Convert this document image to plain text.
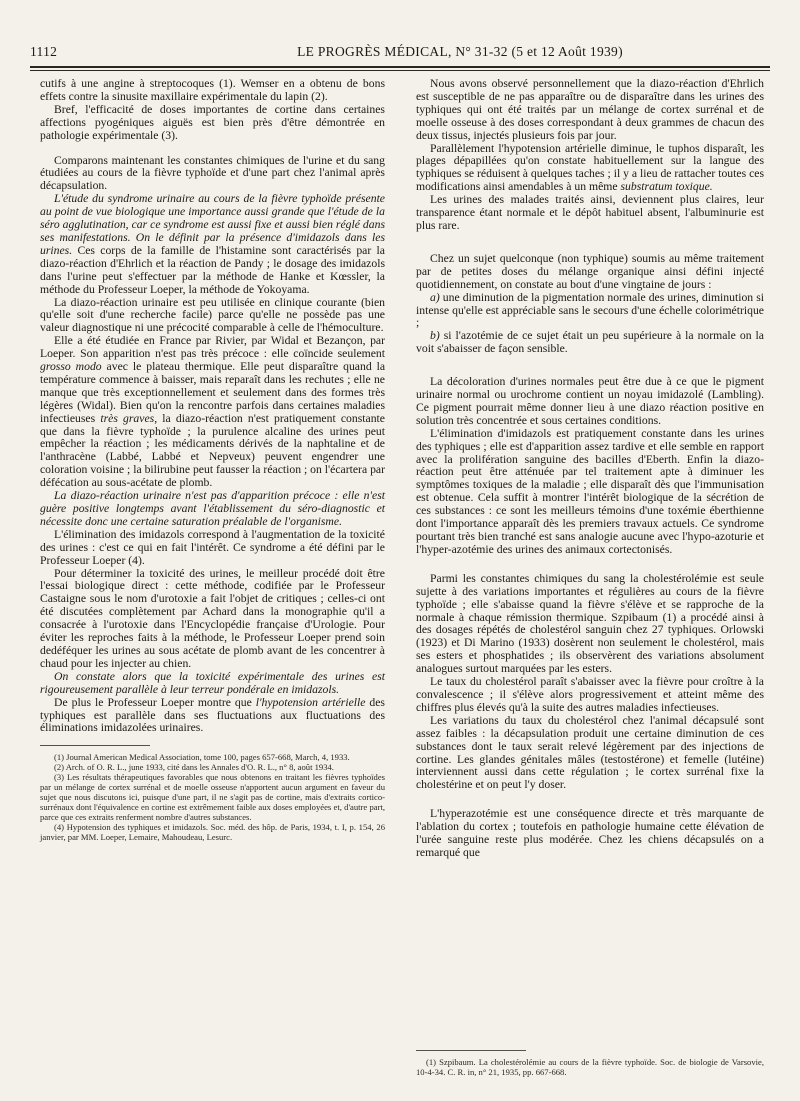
1112	LE PROGRÈS MÉDICAL, N° 31-32 (5 et 12 Août 1939)

cutifs à une angine à streptocoques (1). Wemser en a obtenu de bons effets contre la sinusite maxillaire expérimentale du lapin (2).

Bref, l'efficacité de doses importantes de cortine dans certaines affections pyogéniques aiguës est bien près d'être démontrée en pathologie expérimentale (3).

Comparons maintenant les constantes chimiques de l'urine et du sang étudiées au cours de la fièvre typhoïde et d'une part chez l'animal après décapsulation.

L'étude du syndrome urinaire au cours de la fièvre typhoïde présente au point de vue biologique une importance aussi grande que l'étude de la séro agglutination, car ce syndrome est aussi fixe et aussi bien réglé dans ses manifestations. On le définit par la présence d'imidazols dans les urines. Ces corps de la famille de l'histamine sont caractérisés par la diazo-réaction d'Ehrlich et la réaction de Pandy ; le dosage des imidazols dans l'urine peut s'effectuer par la méthode de Hanke et Kœssler, la méthode du Professeur Loeper, la méthode de Yokoyama.

La diazo-réaction urinaire est peu utilisée en clinique courante (bien qu'elle soit d'une recherche facile) parce qu'elle ne possède pas une valeur diagnostique ni une précocité comparable à celle de l'hémoculture.

Elle a été étudiée en France par Rivier, par Widal et Bezançon, par Loeper. Son apparition n'est pas très précoce : elle coïncide seulement grosso modo avec le plateau thermique. Elle peut disparaître quand la température commence à baisser, mais reparaît dans les rechutes ; elle ne manque que très exceptionnellement et seulement dans des formes très légères (Widal). Bien qu'on la rencontre parfois dans certaines maladies infectieuses très graves, la diazo-réaction n'est pratiquement constante que dans la fièvre typhoïde ; la purulence alcaline des urines peut empêcher la réaction ; les médicaments dérivés de la naphtaline et de l'anthracène (Labbé, Labbé et Nepveux) peuvent engendrer une coloration voisine ; la bilirubine peut fausser la réaction ; on l'écartera par défécation au sous-acétate de plomb.

La diazo-réaction urinaire n'est pas d'apparition précoce : elle n'est guère positive longtemps avant l'établissement du séro-diagnostic et nécessite donc une certaine saturation préalable de l'organisme.

L'élimination des imidazols correspond à l'augmentation de la toxicité des urines : c'est ce qui en fait l'intérêt. Ce syndrome a été défini par le Professeur Loeper (4).

Pour déterminer la toxicité des urines, le meilleur procédé doit être l'essai biologique direct : cette méthode, codifiée par le Professeur Castaigne sous le nom d'urotoxie a fait l'objet de critiques ; celles-ci ont été discutées complètement par Achard dans la monographie qu'il a consacrée à l'urotoxie dans l'Encyclopédie française d'Urologie. Pour éviter les reproches faits à la méthode, le Professeur Loeper prend soin dedéféquer les urines au sous acétate de plomb avant de les concentrer à chaud pour les injecter au chien.

On constate alors que la toxicité expérimentale des urines est rigoureusement parallèle à leur terreur pondérale en imidazols.

De plus le Professeur Loeper montre que l'hypotension artérielle des typhiques est parallèle dans ses fluctuations aux fluctuations des éliminations imidazolées urinaires.

(1) Journal American Medical Association, tome 100, pages 657-668, March, 4, 1933.

(2) Arch. of O. R. L., june 1933, cité dans les Annales d'O. R. L., n° 8, août 1934.

(3) Les résultats thérapeutiques favorables que nous obtenons en traitant les fièvres typhoïdes par un mélange de cortex surrénal et de moelle osseuse n'apportent aucun argument en faveur du sujet que nous discutons ici, puisque d'une part, il ne s'agit pas de cortine, mais d'extraits cortico-surrénaux dont l'équivalence en cortine est extrêmement faible aux doses employées et, d'autre part, parce que ces extraits renferment nombre d'autres substances.

(4) Hypotension des typhiques et imidazols. Soc. méd. des hôp. de Paris, 1934, t. I, p. 154, 26 janvier, par MM. Loeper, Lemaire, Mahoudeau, Lesurc.

Nous avons observé personnellement que la diazo-réaction d'Ehrlich est susceptible de ne pas apparaître ou de disparaître dans les urines des typhiques qui ont été traités par un mélange de cortex surrénal et de moelle osseuse à des doses correspondant à deux grammes de chacun des deux tissus, injectés plusieurs fois par jour.

Parallèlement l'hypotension artérielle diminue, le tuphos disparaît, les plages dépapillées qu'on constate habituellement sur la langue des typhiques se réduisent à quelques taches ; il y a lieu de rattacher toutes ces modifications ainsi amendables à un même substratum toxique.

Les urines des malades traités ainsi, deviennent plus claires, leur transparence étant normale et le dépôt habituel absent, l'albuminurie est plus rare.

Chez un sujet quelconque (non typhique) soumis au même traitement par de petites doses du mélange organique ainsi défini injecté quotidiennement, on constate au bout d'une vingtaine de jours :

a) une diminution de la pigmentation normale des urines, diminution si intense qu'elle est appréciable sans le secours d'une échelle colorimétrique ;

b) si l'azotémie de ce sujet était un peu supérieure à la normale on la voit s'abaisser de façon sensible.

La décoloration d'urines normales peut être due à ce que le pigment urinaire normal ou urochrome contient un noyau imidazolé (Lambling). Ce pigment pourrait même donner lieu à une diazo réaction positive en solution très concentrée et sous certaines conditions.

L'élimination d'imidazols est pratiquement constante dans les urines des typhiques ; elle est d'apparition assez tardive et elle semble en rapport avec la prolifération sanguine des bacilles d'Eberth. Enfin la diazo-réaction peut être atténuée par tel traitement apte à diminuer les symptômes toxiques de la maladie ; elle disparaît dès que l'immunisation est obtenue. Cela suffit à montrer l'intérêt biologique de la sécrétion de ces substances : ce sont les meilleurs témoins d'une toxémie éberthienne dont l'importance apparaît dès les premiers travaux actuels. Ce syndrome pourtant très bien tranché est sans analogie aucune avec l'hypo-azoturie et l'hyper-azotémie des urines des animaux cortectonisés.

Parmi les constantes chimiques du sang la cholestérolémie est seule sujette à des variations importantes et régulières au cours de la fièvre typhoïde ; elle s'abaisse quand la fièvre s'élève et se rapproche de la normale à chaque rémission thermique. Szpibaum (1) a procédé ainsi à des dosages répétés de cholestérol sanguin chez 27 typhiques. Orlowski (1923) et Di Marino (1933) dosèrent non seulement le cholestérol, mais ses esters et phosphatides ; ils observèrent des variations absolument analogues surtout marquées par les esters.

Le taux du cholestérol paraît s'abaisser avec la fièvre pour croître à la convalescence ; il s'élève alors progressivement et atteint même des chiffres plus élevés qu'à la suite des autres maladies infectieuses.

Les variations du taux du cholestérol chez l'animal décapsulé sont assez faibles : la décapsulation produit une certaine diminution de ces substances dont le taux serait relevé légèrement par des injections de cortine. Les glandes génitales mâles (testostérone) et femelle (lutéine) interviennent aussi dans cette régulation ; le cortex surrénal fixe la cholestérine et on peut l'y doser.

L'hyperazotémie est une conséquence directe et très marquante de l'ablation du cortex ; toutefois en pathologie humaine cette élévation de l'urée sanguine reste plus modérée. Chez les chiens décapsulés on a remarqué que

(1) Szpibaum. La cholestérolémie au cours de la fièvre typhoïde. Soc. de biologie de Varsovie, 10-4-34. C. R. in, n° 21, 1935, pp. 667-668.
